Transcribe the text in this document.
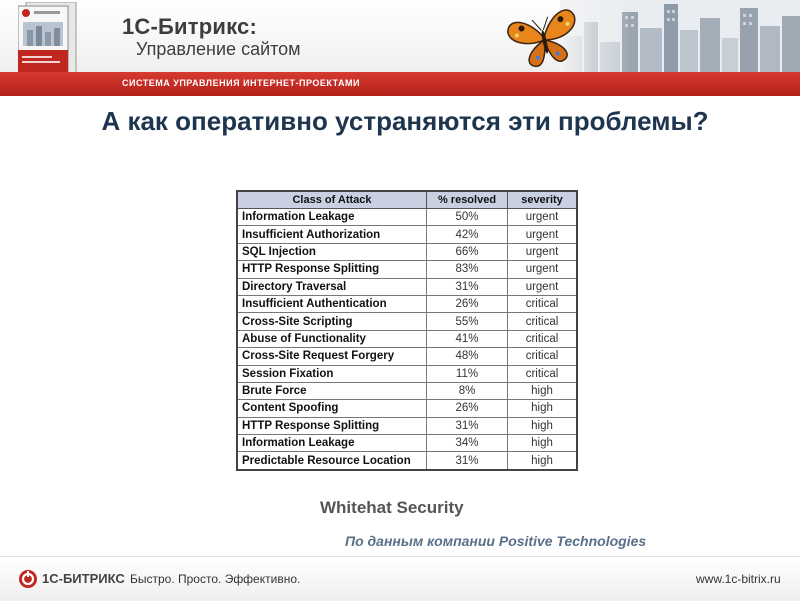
1С-Битрикс:
Управление сайтом
СИСТЕМА УПРАВЛЕНИЯ ИНТЕРНЕТ-ПРОЕКТАМИ
А как оперативно устраняются эти проблемы?
Class of Attack	% resolved	severity
Information Leakage	50%	urgent
Insufficient Authorization	42%	urgent
SQL Injection	66%	urgent
HTTP Response Splitting	83%	urgent
Directory Traversal	31%	urgent
Insufficient Authentication	26%	critical
Cross-Site Scripting	55%	critical
Abuse of Functionality	41%	critical
Cross-Site Request Forgery	48%	critical
Session Fixation	11%	critical
Brute Force	8%	high
Content Spoofing	26%	high
HTTP Response Splitting	31%	high
Information Leakage	34%	high
Predictable Resource Location	31%	high
Whitehat Security
По данным компании Positive Technologies
1С-БИТРИКС Быстро. Просто. Эффективно.	www.1c-bitrix.ru
